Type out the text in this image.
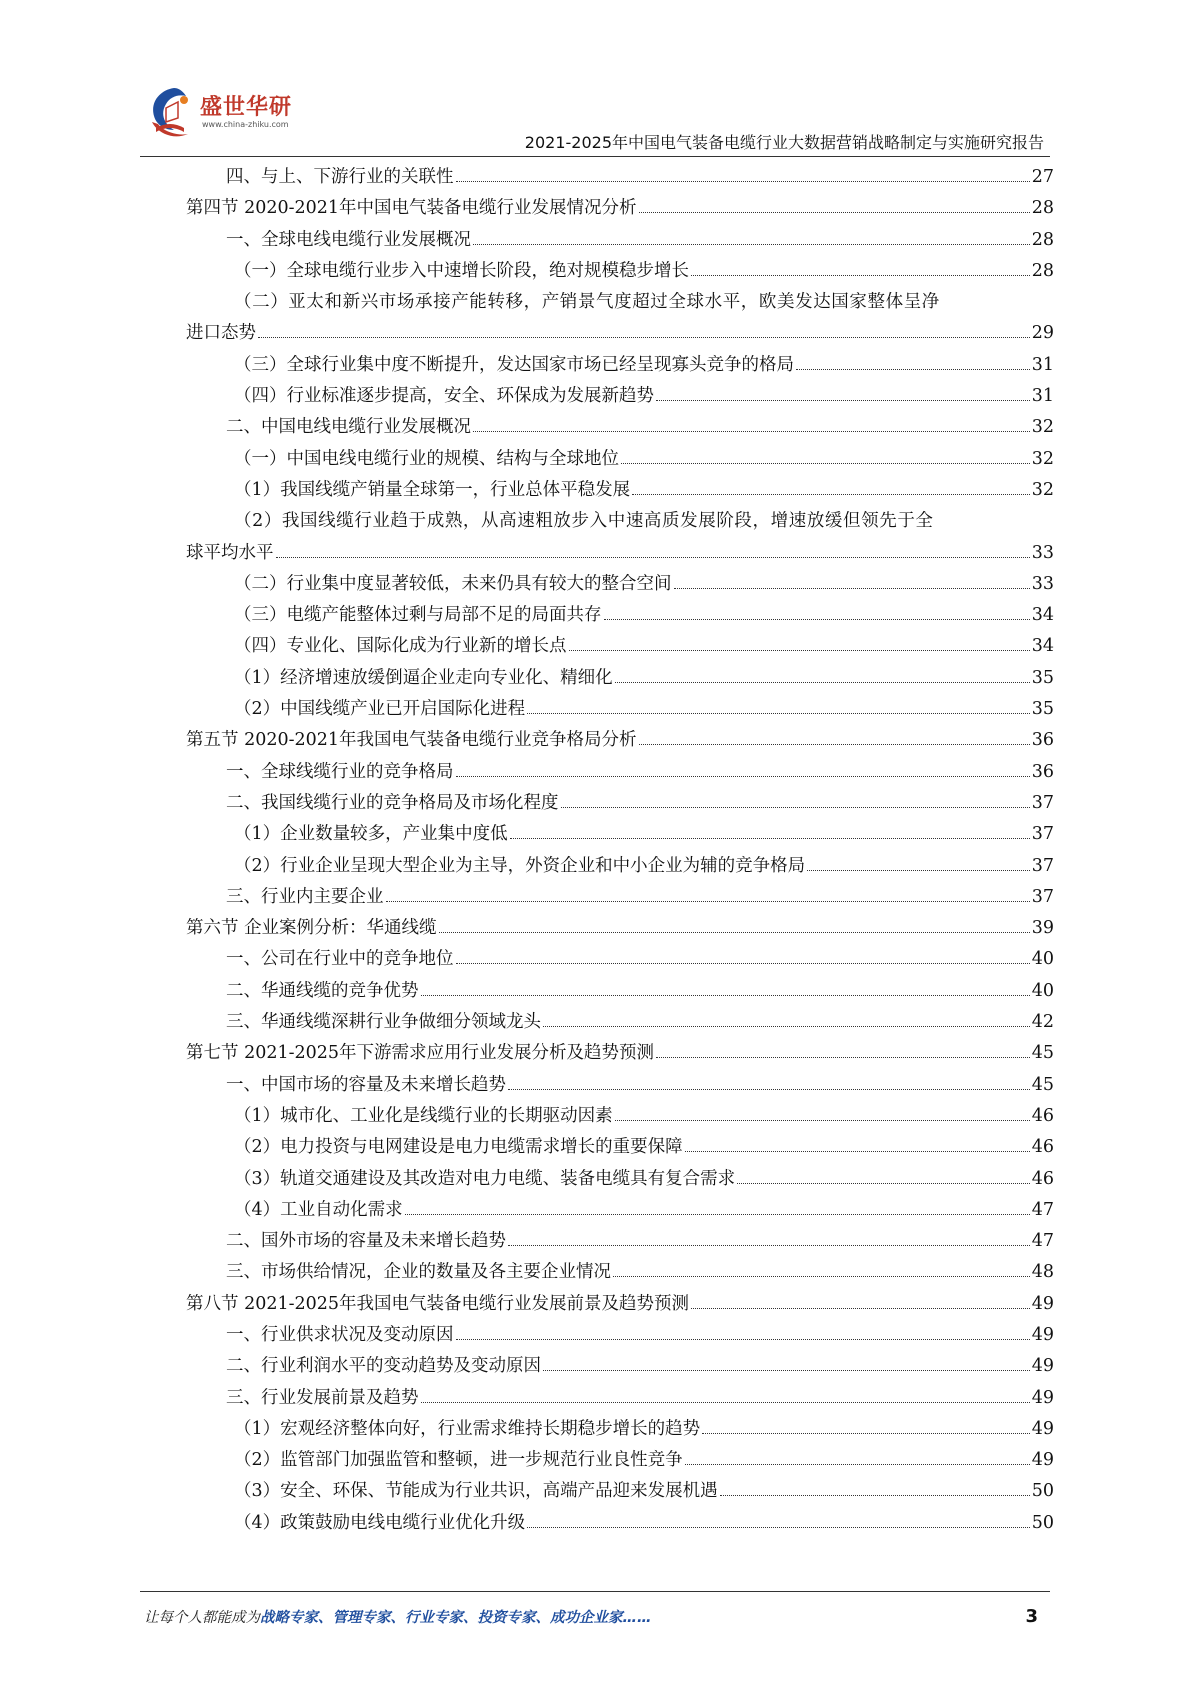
盛世华研
www.china-zhiku.com
2021-2025年中国电气装备电缆行业大数据营销战略制定与实施研究报告
四、与上、下游行业的关联性	27
第四节 2020-2021年中国电气装备电缆行业发展情况分析	28
一、全球电线电缆行业发展概况	28
（一）全球电缆行业步入中速增长阶段，绝对规模稳步增长	28
（二）亚太和新兴市场承接产能转移，产销景气度超过全球水平，欧美发达国家整体呈净
进口态势	29
（三）全球行业集中度不断提升，发达国家市场已经呈现寡头竞争的格局	31
（四）行业标准逐步提高，安全、环保成为发展新趋势	31
二、中国电线电缆行业发展概况	32
（一）中国电线电缆行业的规模、结构与全球地位	32
（1）我国线缆产销量全球第一，行业总体平稳发展	32
（2）我国线缆行业趋于成熟，从高速粗放步入中速高质发展阶段，增速放缓但领先于全
球平均水平	33
（二）行业集中度显著较低，未来仍具有较大的整合空间	33
（三）电缆产能整体过剩与局部不足的局面共存	34
（四）专业化、国际化成为行业新的增长点	34
（1）经济增速放缓倒逼企业走向专业化、精细化	35
（2）中国线缆产业已开启国际化进程	35
第五节 2020-2021年我国电气装备电缆行业竞争格局分析	36
一、全球线缆行业的竞争格局	36
二、我国线缆行业的竞争格局及市场化程度	37
（1）企业数量较多，产业集中度低	37
（2）行业企业呈现大型企业为主导，外资企业和中小企业为辅的竞争格局	37
三、行业内主要企业	37
第六节 企业案例分析：华通线缆	39
一、公司在行业中的竞争地位	40
二、华通线缆的竞争优势	40
三、华通线缆深耕行业争做细分领域龙头	42
第七节 2021-2025年下游需求应用行业发展分析及趋势预测	45
一、中国市场的容量及未来增长趋势	45
（1）城市化、工业化是线缆行业的长期驱动因素	46
（2）电力投资与电网建设是电力电缆需求增长的重要保障	46
（3）轨道交通建设及其改造对电力电缆、装备电缆具有复合需求	46
（4）工业自动化需求	47
二、国外市场的容量及未来增长趋势	47
三、市场供给情况，企业的数量及各主要企业情况	48
第八节 2021-2025年我国电气装备电缆行业发展前景及趋势预测	49
一、行业供求状况及变动原因	49
二、行业利润水平的变动趋势及变动原因	49
三、行业发展前景及趋势	49
（1）宏观经济整体向好，行业需求维持长期稳步增长的趋势	49
（2）监管部门加强监管和整顿，进一步规范行业良性竞争	49
（3）安全、环保、节能成为行业共识，高端产品迎来发展机遇	50
（4）政策鼓励电线电缆行业优化升级	50
让每个人都能成为战略专家、管理专家、行业专家、投资专家、成功企业家……	3
